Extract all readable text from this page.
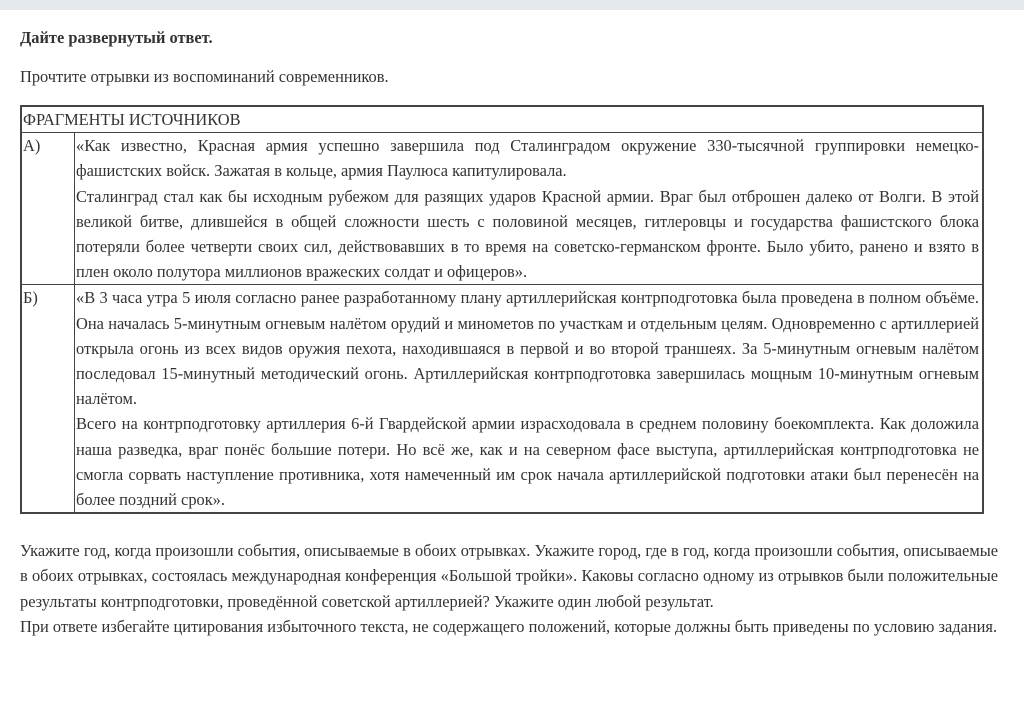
Дайте развернутый ответ.

Прочтите отрывки из воспоминаний современников.

ФРАГМЕНТЫ ИСТОЧНИКОВ	
А)	«Как известно, Красная армия успешно завершила под Сталинградом окружение 330-тысячной группировки немецко-фашистских войск. Зажатая в кольце, армия Паулюса капитулировала.

Сталинград стал как бы исходным рубежом для разящих ударов Красной армии. Враг был отброшен далеко от Волги. В этой великой битве, длившейся в общей сложности шесть с половиной месяцев, гитлеровцы и государства фашистского блока потеряли более четверти своих сил, действовавших в то время на советско-германском фронте. Было убито, ранено и взято в плен около полутора миллионов вражеских солдат и офицеров».

Б)	«В 3 часа утра 5 июля согласно ранее разработанному плану артиллерийская контрподготовка была проведена в полном объёме. Она началась 5-минутным огневым налётом орудий и минометов по участкам и отдельным целям. Одновременно с артиллерией открыла огонь из всех видов оружия пехота, находившаяся в первой и во второй траншеях. За 5-минутным огневым налётом последовал 15-минутный методический огонь. Артиллерийская контрподготовка завершилась мощным 10-минутным огневым налётом.

Всего на контрподготовку артиллерия 6-й Гвардейской армии израсходовала в среднем половину боекомплекта. Как доложила наша разведка, враг понёс большие потери. Но всё же, как и на северном фасе выступа, артиллерийская контрподготовка не смогла сорвать наступление противника, хотя намеченный им срок начала артиллерийской подготовки атаки был перенесён на более поздний срок».

Укажите год, когда произошли события, описываемые в обоих отрывках. Укажите город, где в год, когда произошли события, описываемые в обоих отрывках, состоялась международная конференция «Большой тройки». Каковы согласно одному из отрывков были положительные результаты контрподготовки, проведённой советской артиллерией? Укажите один любой результат.

При ответе избегайте цитирования избыточного текста, не содержащего положений, которые должны быть приведены по условию задания.
